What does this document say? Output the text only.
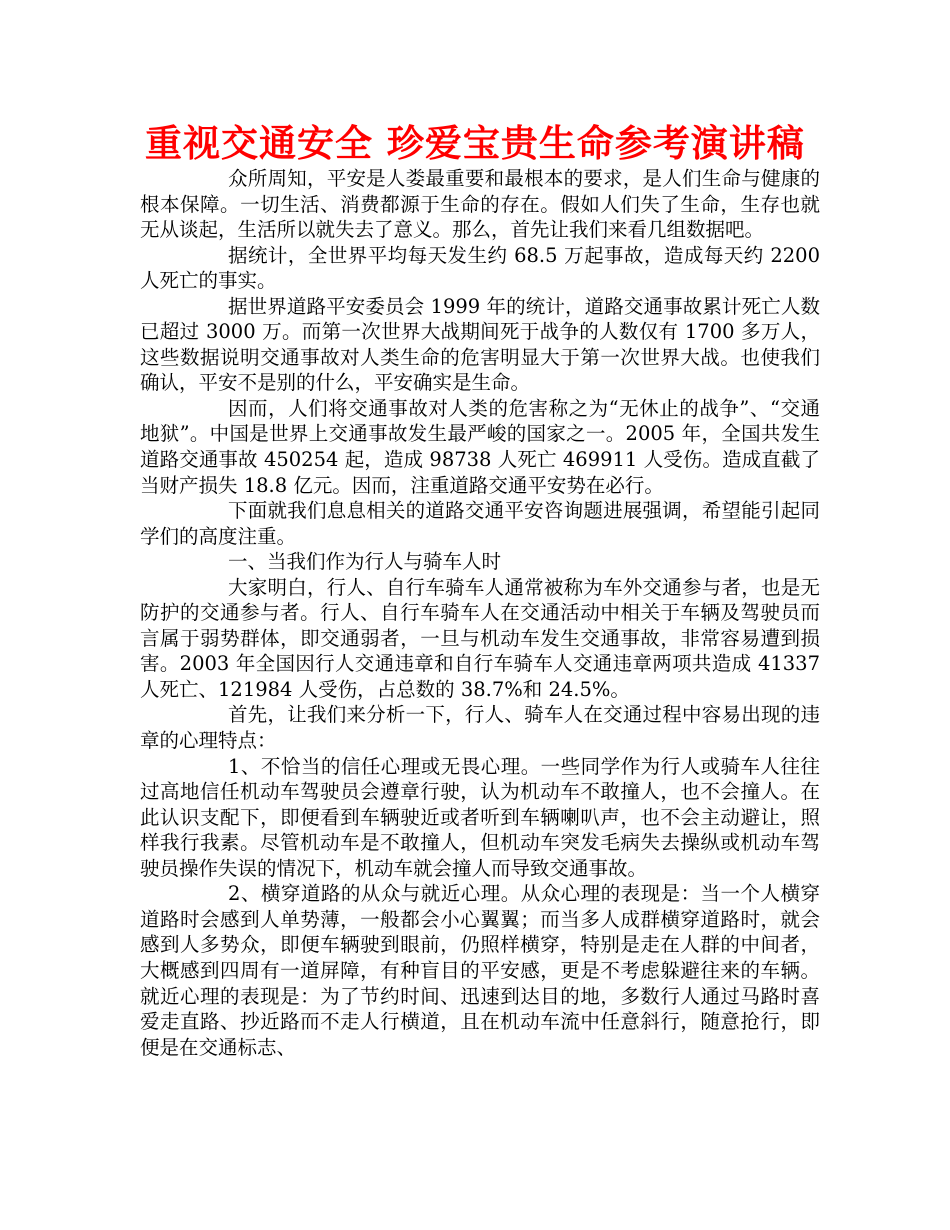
重视交通安全 珍爱宝贵生命参考演讲稿

众所周知，平安是人娄最重要和最根本的要求，是人们生命与健康的根本保障。一切生活、消费都源于生命的存在。假如人们失了生命，生存也就无从谈起，生活所以就失去了意义。那么，首先让我们来看几组数据吧。

据统计，全世界平均每天发生约 68.5 万起事故，造成每天约 2200 人死亡的事实。

据世界道路平安委员会 1999 年的统计，道路交通事故累计死亡人数已超过 3000 万。而第一次世界大战期间死于战争的人数仅有 1700 多万人，这些数据说明交通事故对人类生命的危害明显大于第一次世界大战。也使我们确认，平安不是别的什么，平安确实是生命。

因而，人们将交通事故对人类的危害称之为“无休止的战争”、“交通地狱”。中国是世界上交通事故发生最严峻的国家之一。2005 年，全国共发生道路交通事故 450254 起，造成 98738 人死亡 469911 人受伤。造成直截了当财产损失 18.8 亿元。因而，注重道路交通平安势在必行。

下面就我们息息相关的道路交通平安咨询题进展强调，希望能引起同学们的高度注重。

一、当我们作为行人与骑车人时

大家明白，行人、自行车骑车人通常被称为车外交通参与者，也是无防护的交通参与者。行人、自行车骑车人在交通活动中相关于车辆及驾驶员而言属于弱势群体，即交通弱者，一旦与机动车发生交通事故，非常容易遭到损害。2003 年全国因行人交通违章和自行车骑车人交通违章两项共造成 41337 人死亡、121984 人受伤，占总数的 38.7%和 24.5%。

首先，让我们来分析一下，行人、骑车人在交通过程中容易出现的违章的心理特点：

1、不恰当的信任心理或无畏心理。一些同学作为行人或骑车人往往过高地信任机动车驾驶员会遵章行驶，认为机动车不敢撞人，也不会撞人。在此认识支配下，即便看到车辆驶近或者听到车辆喇叭声，也不会主动避让，照样我行我素。尽管机动车是不敢撞人，但机动车突发毛病失去操纵或机动车驾驶员操作失误的情况下，机动车就会撞人而导致交通事故。

2、横穿道路的从众与就近心理。从众心理的表现是：当一个人横穿道路时会感到人单势薄，一般都会小心翼翼；而当多人成群横穿道路时，就会感到人多势众，即便车辆驶到眼前，仍照样横穿，特别是走在人群的中间者，大概感到四周有一道屏障，有种盲目的平安感，更是不考虑躲避往来的车辆。就近心理的表现是：为了节约时间、迅速到达目的地，多数行人通过马路时喜爱走直路、抄近路而不走人行横道，且在机动车流中任意斜行，随意抢行，即便是在交通标志、
